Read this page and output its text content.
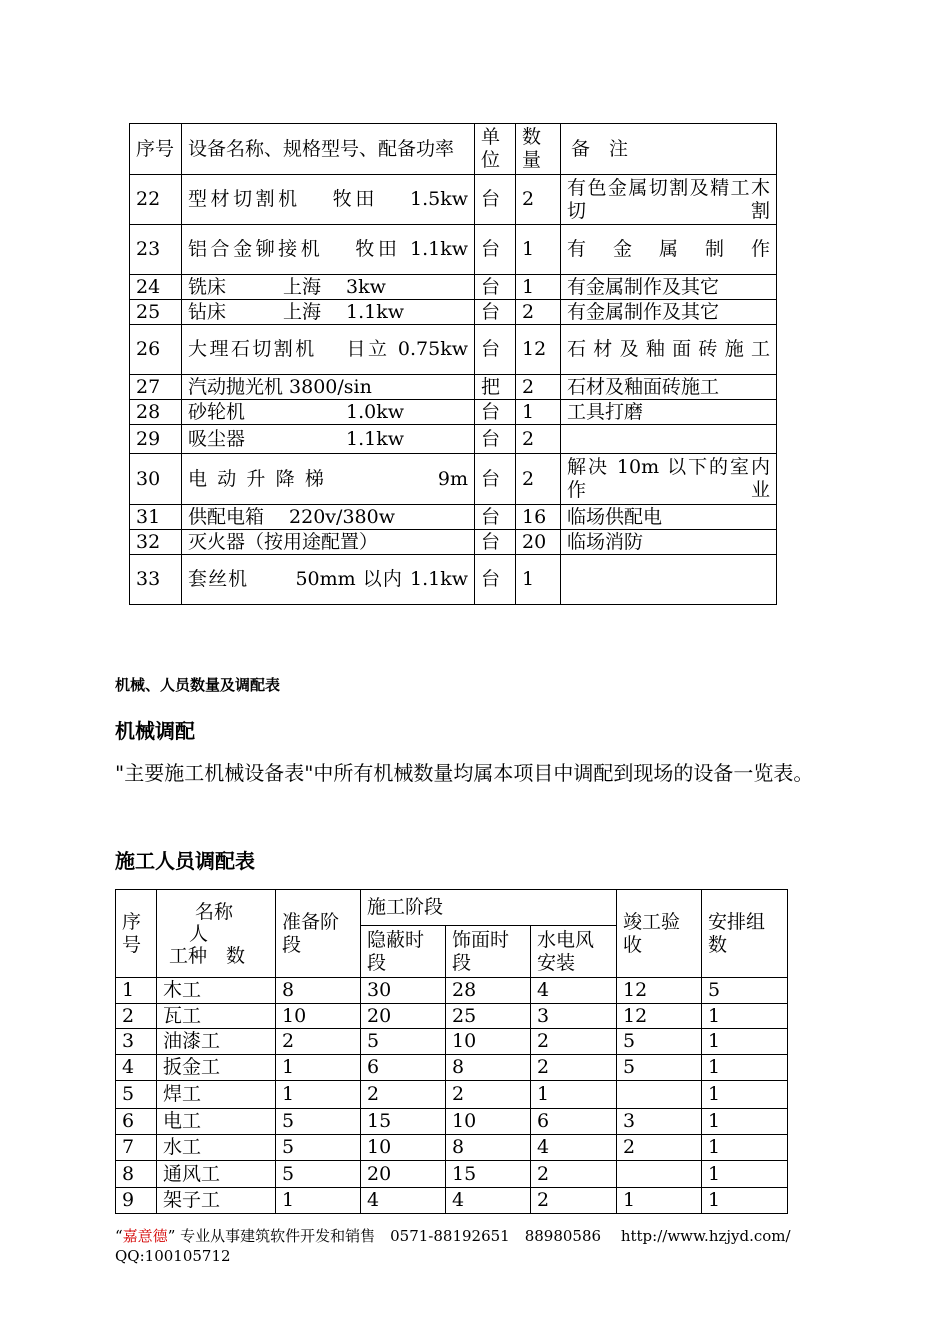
序号	设备名称、规格型号、配备功率	单位	数量	备　注
22	型材切割机　 牧田　 1.5kw	台	2	有色金属切割及精工木切割
23	铝合金铆接机　 牧田 1.1kw	台	1	有金属制作
24	铣床　　　上海　 3kw	台	1	有金属制作及其它
25	钻床　　　上海　 1.1kw	台	2	有金属制作及其它
26	大理石切割机　 日立 0.75kw	台	12	石材及釉面砖施工
27	汽动抛光机 3800/sin	把	2	石材及釉面砖施工
28	砂轮机　　　　　 1.0kw	台	1	工具打磨
29	吸尘器　　　　　 1.1kw	台	2	
30	电动升降梯　　　 9m	台	2	解决 10m 以下的室内作业
31	供配电箱　 220v/380w	台	16	临场供配电
32	灭火器（按用途配置）	台	20	临场消防
33	套丝机　　 50mm 以内 1.1kw	台	1	
机械、人员数量及调配表
机械调配
"主要施工机械设备表"中所有机械数量均属本项目中调配到现场的设备一览表。
施工人员调配表
序号	名称
人
工种　数	准备阶段	施工阶段			竣工验收	安排组数
			隐蔽时段	饰面时段	水电风安装		
1	木工	8	30	28	4	12	5
2	瓦工	10	20	25	3	12	1
3	油漆工	2	5	10	2	5	1
4	扳金工	1	6	8	2	5	1
5	焊工	1	2	2	1		1
6	电工	5	15	10	6	3	1
7	水工	5	10	8	4	2	1
8	通风工	5	20	15	2		1
9	架子工	1	4	4	2	1	1
“嘉意德” 专业从事建筑软件开发和销售　0571-88192651　88980586　 http://www.hzjyd.com/
QQ:100105712
